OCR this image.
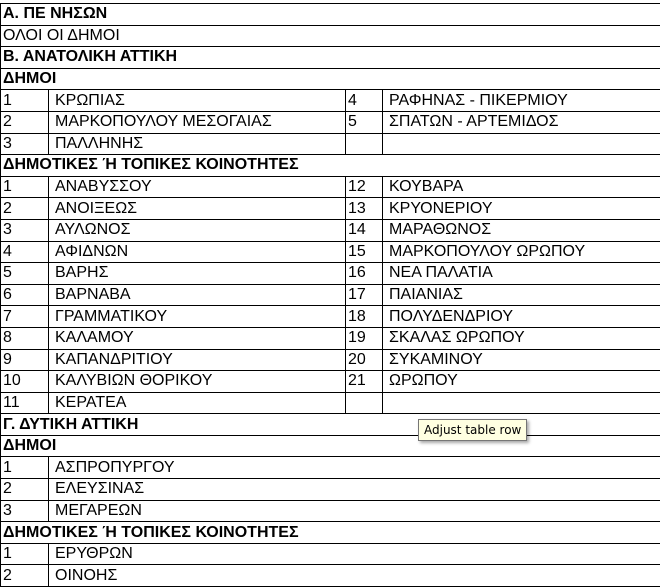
Α. ΠΕ ΝΗΣΩΝ			
ΟΛΟΙ ΟΙ ΔΗΜΟΙ			
Β. ΑΝΑΤΟΛΙΚΗ ΑΤΤΙΚΗ			
ΔΗΜΟΙ			
1	ΚΡΩΠΙΑΣ	4	ΡΑΦΗΝΑΣ - ΠΙΚΕΡΜΙΟΥ
2	ΜΑΡΚΟΠΟΥΛΟΥ ΜΕΣΟΓΑΙΑΣ	5	ΣΠΑΤΩΝ - ΑΡΤΕΜΙΔΟΣ
3	ΠΑΛΛΗΝΗΣ		
ΔΗΜΟΤΙΚΕΣ Ή ΤΟΠΙΚΕΣ ΚΟΙΝΟΤΗΤΕΣ			
1	ΑΝΑΒΥΣΣΟΥ	12	ΚΟΥΒΑΡΑ
2	ΑΝΟΙΞΕΩΣ	13	ΚΡΥΟΝΕΡΙΟΥ
3	ΑΥΛΩΝΟΣ	14	ΜΑΡΑΘΩΝΟΣ
4	ΑΦΙΔΝΩΝ	15	ΜΑΡΚΟΠΟΥΛΟΥ ΩΡΩΠΟΥ
5	ΒΑΡΗΣ	16	ΝΕΑ ΠΑΛΑΤΙΑ
6	ΒΑΡΝΑΒΑ	17	ΠΑΙΑΝΙΑΣ
7	ΓΡΑΜΜΑΤΙΚΟΥ	18	ΠΟΛΥΔΕΝΔΡΙΟΥ
8	ΚΑΛΑΜΟΥ	19	ΣΚΑΛΑΣ ΩΡΩΠΟΥ
9	ΚΑΠΑΝΔΡΙΤΙΟΥ	20	ΣΥΚΑΜΙΝΟΥ
10	ΚΑΛΥΒΙΩΝ ΘΟΡΙΚΟΥ	21	ΩΡΩΠΟΥ
11	ΚΕΡΑΤΕΑ		
Γ. ΔΥΤΙΚΗ ΑΤΤΙΚΗ			
ΔΗΜΟΙ			
1	ΑΣΠΡΟΠΥΡΓΟΥ		
2	ΕΛΕΥΣΙΝΑΣ		
3	ΜΕΓΑΡΕΩΝ		
ΔΗΜΟΤΙΚΕΣ Ή ΤΟΠΙΚΕΣ ΚΟΙΝΟΤΗΤΕΣ			
1	ΕΡΥΘΡΩΝ		
2	ΟΙΝΟΗΣ		
Adjust table row
